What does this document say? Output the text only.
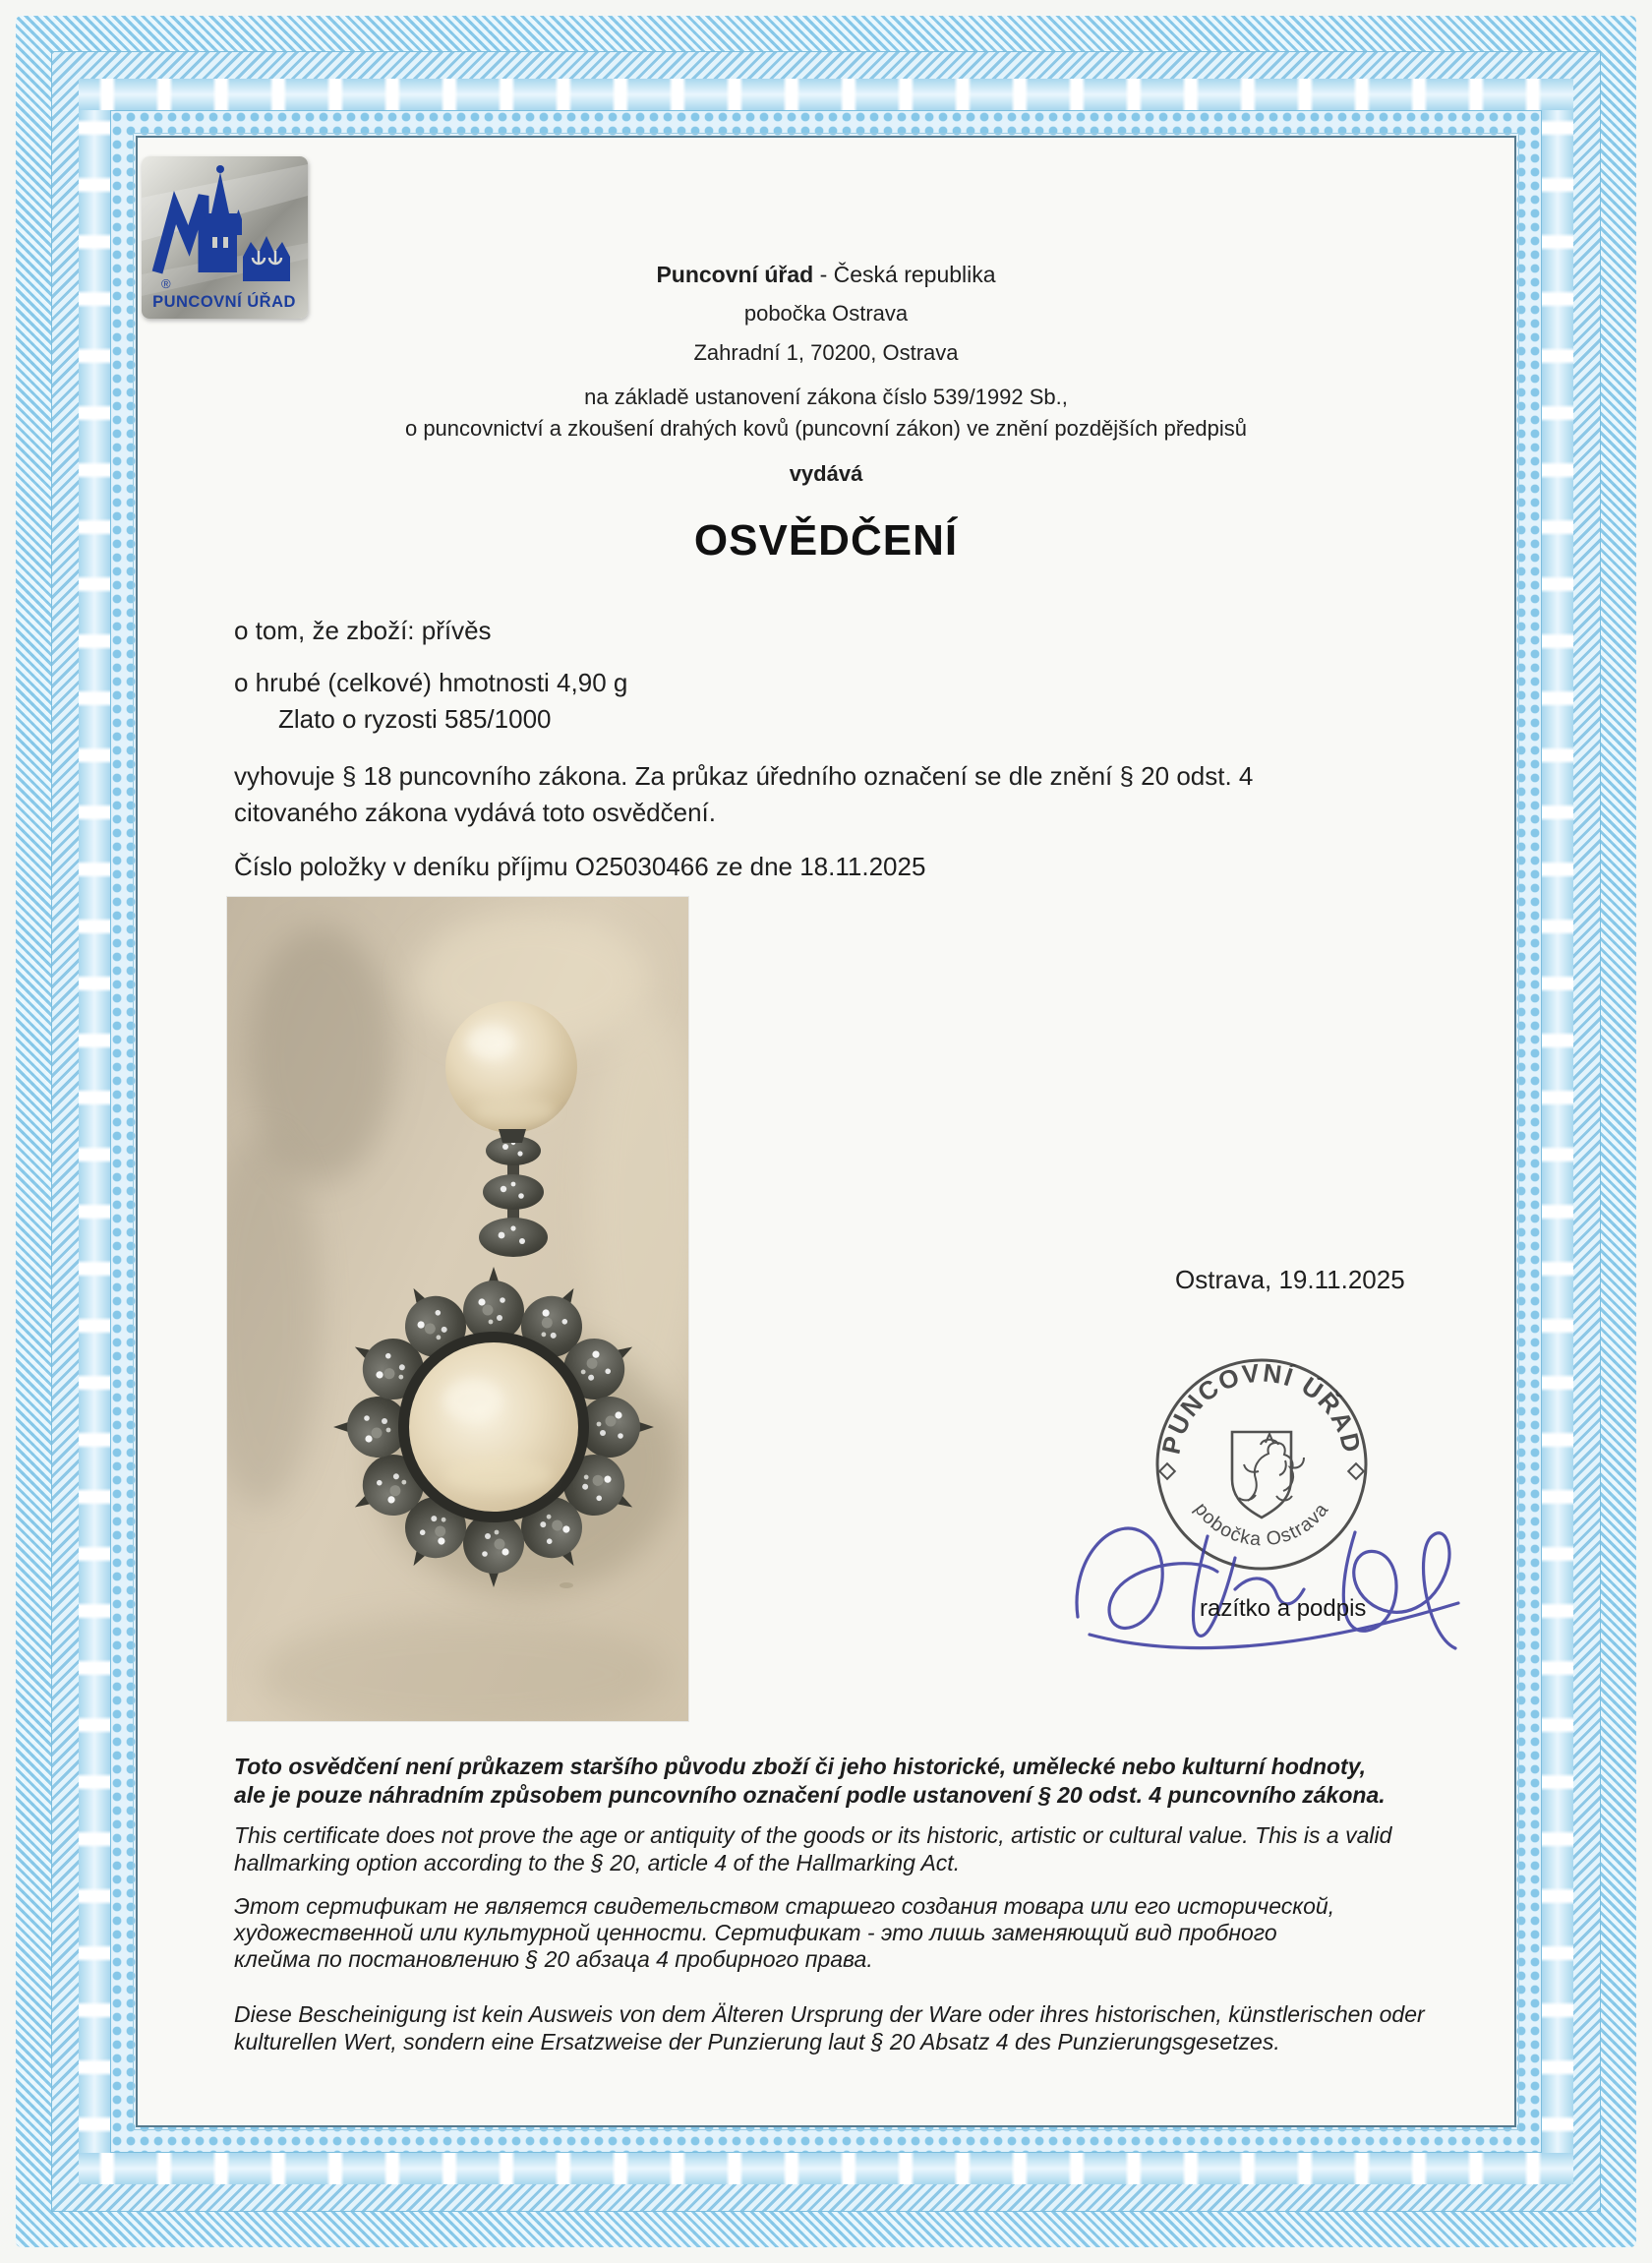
®
PUNCOVNÍ ÚŘAD
Puncovní úřad - Česká republika
pobočka Ostrava
Zahradní 1, 70200, Ostrava
na základě ustanovení zákona číslo 539/1992 Sb.,
o puncovnictví a zkoušení drahých kovů (puncovní zákon) ve znění pozdějších předpisů
vydává
OSVĚDČENÍ
o tom, že zboží: přívěs
o hrubé (celkové) hmotnosti 4,90 g
Zlato o ryzosti 585/1000
vyhovuje § 18 puncovního zákona. Za průkaz úředního označení se dle znění § 20 odst. 4
citovaného zákona vydává toto osvědčení.
Číslo položky v deníku příjmu O25030466 ze dne 18.11.2025
Ostrava, 19.11.2025
PUNCOVNÍ ÚŘAD
pobočka Ostrava
razítko a podpis
Toto osvědčení není průkazem staršího původu zboží či jeho historické, umělecké nebo kulturní hodnoty,
ale je pouze náhradním způsobem puncovního označení podle ustanovení § 20 odst. 4 puncovního zákona.
This certificate does not prove the age or antiquity of the goods or its historic, artistic or cultural value. This is a valid
hallmarking option according to the § 20, article 4 of the Hallmarking Act.
Этот сертификат не является свидетельством старшего создания товара или его исторической,
художественной или культурной ценности. Сертификат - это лишь заменяющий вид пробного
клейма по постановлению § 20 абзаца 4 пробирного права.
Diese Bescheinigung ist kein Ausweis von dem Älteren Ursprung der Ware oder ihres historischen, künstlerischen oder
kulturellen Wert, sondern eine Ersatzweise der Punzierung laut § 20 Absatz 4 des Punzierungsgesetzes.
